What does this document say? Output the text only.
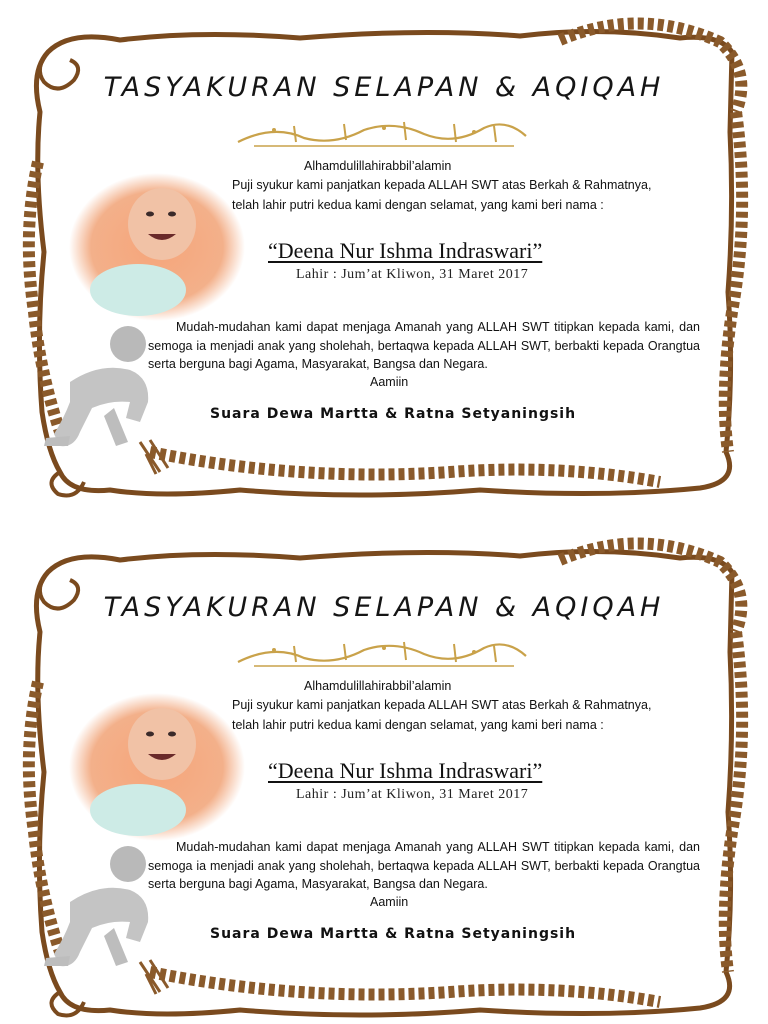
TASYAKURAN SELAPAN & AQIQAH
Alhamdulillahirabbil’alamin
Puji syukur kami panjatkan kepada ALLAH SWT atas Berkah & Rahmatnya,
telah lahir putri kedua kami dengan selamat, yang kami beri nama :
“Deena Nur Ishma Indraswari”
Lahir : Jum’at Kliwon, 31 Maret 2017
Mudah-mudahan kami dapat menjaga Amanah yang ALLAH SWT titipkan kepada kami, dan semoga ia menjadi anak yang sholehah, bertaqwa kepada ALLAH SWT, berbakti kepada Orangtua serta berguna bagi Agama, Masyarakat, Bangsa dan Negara.
Aamiin
Suara Dewa Martta & Ratna Setyaningsih
TASYAKURAN SELAPAN & AQIQAH
Alhamdulillahirabbil’alamin
Puji syukur kami panjatkan kepada ALLAH SWT atas Berkah & Rahmatnya,
telah lahir putri kedua kami dengan selamat, yang kami beri nama :
“Deena Nur Ishma Indraswari”
Lahir : Jum’at Kliwon, 31 Maret 2017
Mudah-mudahan kami dapat menjaga Amanah yang ALLAH SWT titipkan kepada kami, dan semoga ia menjadi anak yang sholehah, bertaqwa kepada ALLAH SWT, berbakti kepada Orangtua serta berguna bagi Agama, Masyarakat, Bangsa dan Negara.
Aamiin
Suara Dewa Martta & Ratna Setyaningsih
